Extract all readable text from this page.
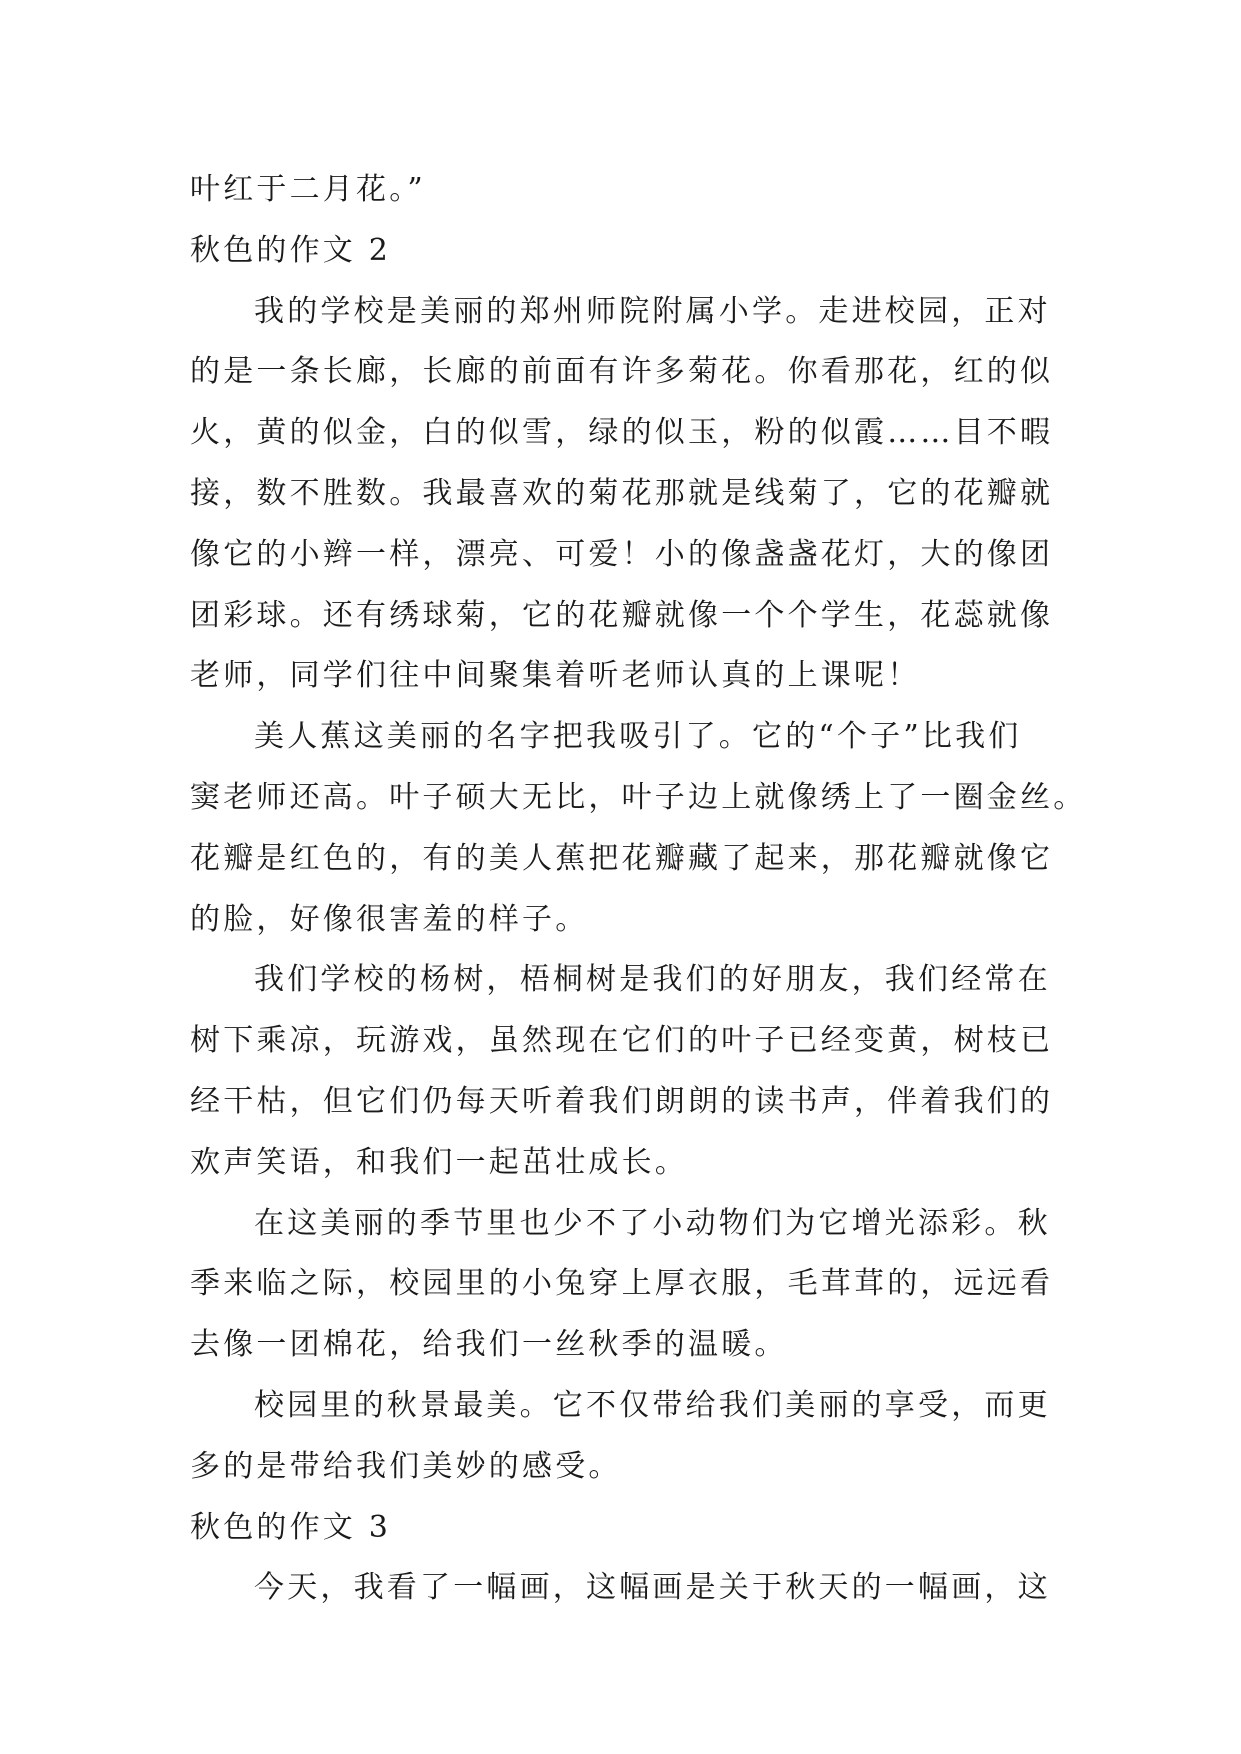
叶红于二月花。”
秋色的作文 2
我的学校是美丽的郑州师院附属小学。走进校园，正对
的是一条长廊，长廊的前面有许多菊花。你看那花，红的似
火，黄的似金，白的似雪，绿的似玉，粉的似霞……目不暇
接，数不胜数。我最喜欢的菊花那就是线菊了，它的花瓣就
像它的小辫一样，漂亮、可爱！小的像盏盏花灯，大的像团
团彩球。还有绣球菊，它的花瓣就像一个个学生，花蕊就像
老师，同学们往中间聚集着听老师认真的上课呢！
美人蕉这美丽的名字把我吸引了。它的“个子”比我们
窦老师还高。叶子硕大无比，叶子边上就像绣上了一圈金丝。
花瓣是红色的，有的美人蕉把花瓣藏了起来，那花瓣就像它
的脸，好像很害羞的样子。
我们学校的杨树，梧桐树是我们的好朋友，我们经常在
树下乘凉，玩游戏，虽然现在它们的叶子已经变黄，树枝已
经干枯，但它们仍每天听着我们朗朗的读书声，伴着我们的
欢声笑语，和我们一起茁壮成长。
在这美丽的季节里也少不了小动物们为它增光添彩。秋
季来临之际，校园里的小兔穿上厚衣服，毛茸茸的，远远看
去像一团棉花，给我们一丝秋季的温暖。
校园里的秋景最美。它不仅带给我们美丽的享受，而更
多的是带给我们美妙的感受。
秋色的作文 3
今天，我看了一幅画，这幅画是关于秋天的一幅画，这
